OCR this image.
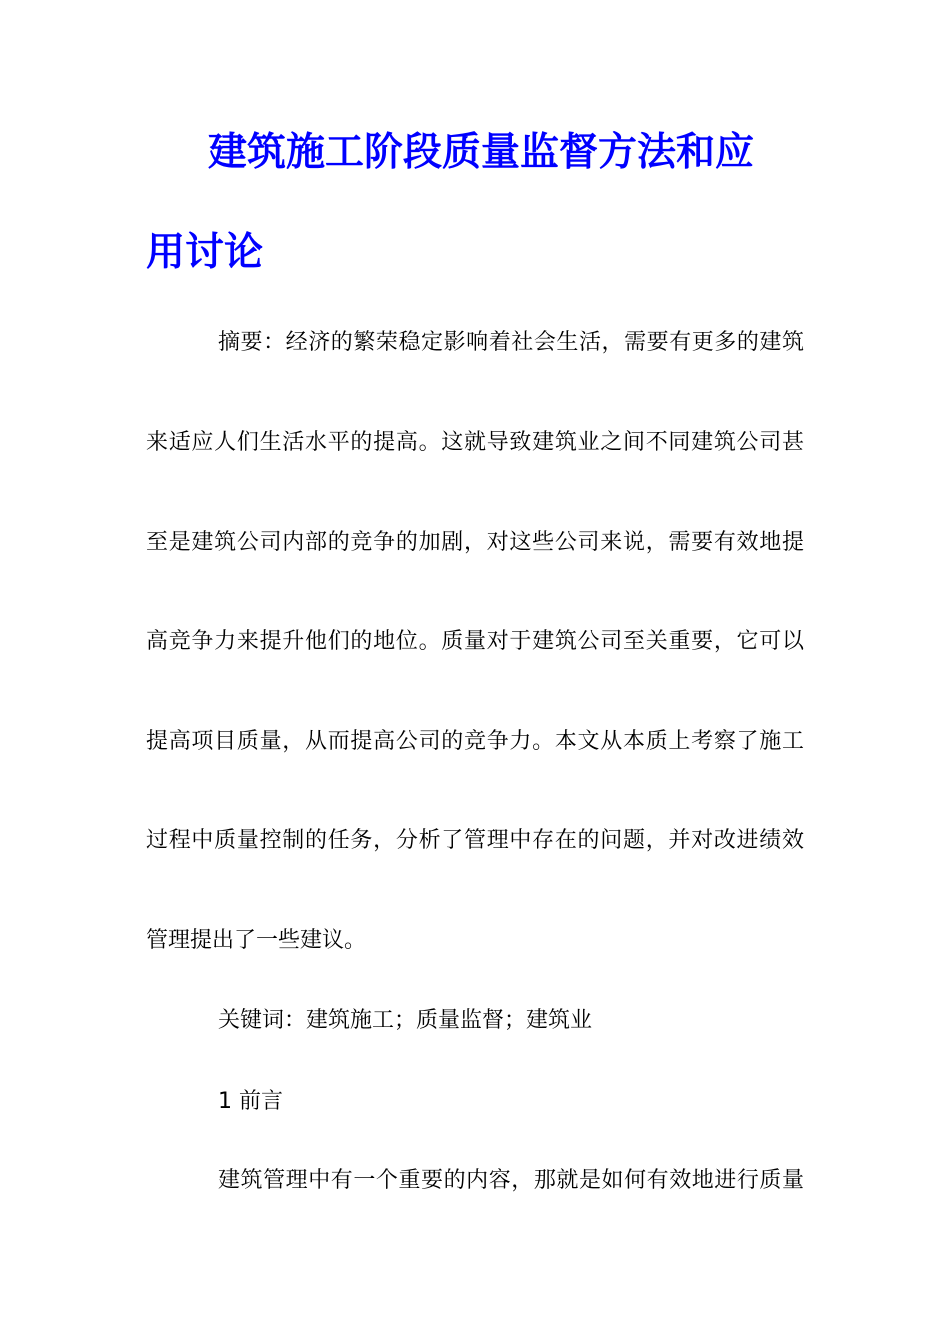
建筑施工阶段质量监督方法和应
用讨论
摘要：经济的繁荣稳定影响着社会生活，需要有更多的建筑
来适应人们生活水平的提高。这就导致建筑业之间不同建筑公司甚
至是建筑公司内部的竞争的加剧，对这些公司来说，需要有效地提
高竞争力来提升他们的地位。质量对于建筑公司至关重要，它可以
提高项目质量，从而提高公司的竞争力。本文从本质上考察了施工
过程中质量控制的任务，分析了管理中存在的问题，并对改进绩效
管理提出了一些建议。
关键词：建筑施工；质量监督；建筑业
1 前言
建筑管理中有一个重要的内容，那就是如何有效地进行质量
